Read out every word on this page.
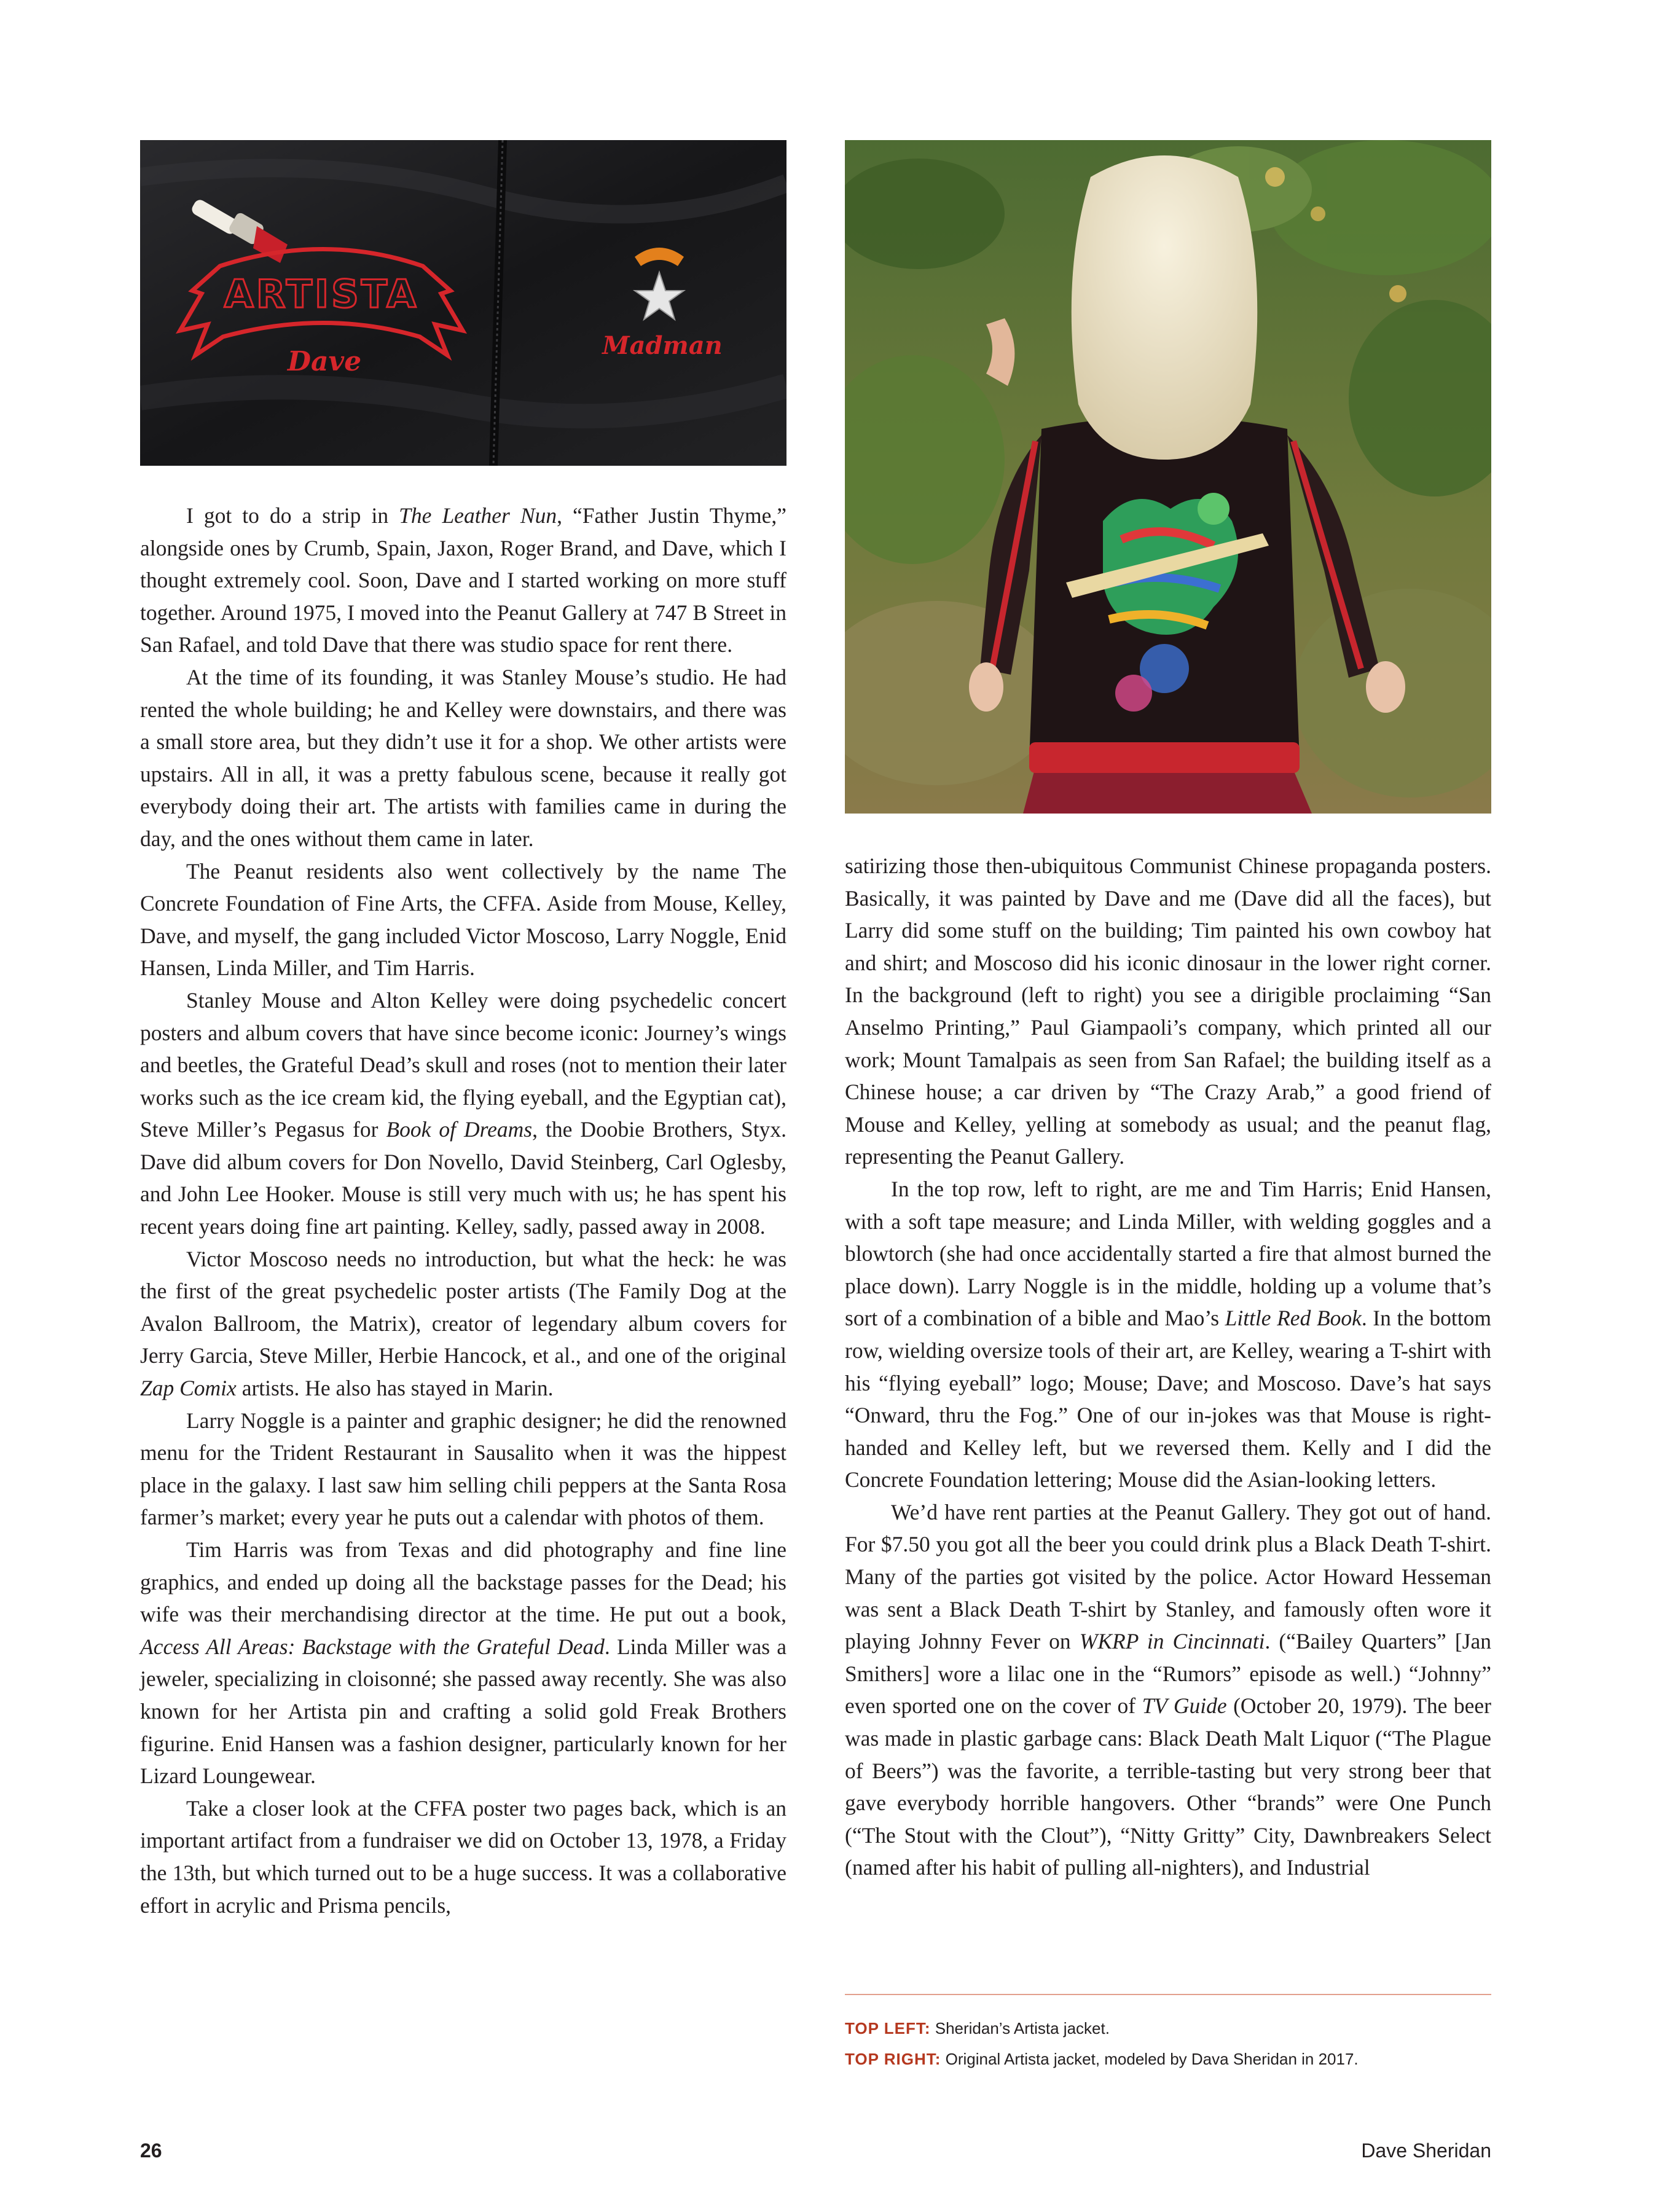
ARTISTA
Dave
Madman

I got to do a strip in The Leather Nun, “Father Justin Thyme,” alongside ones by Crumb, Spain, Jaxon, Roger Brand, and Dave, which I thought extremely cool. Soon, Dave and I started working on more stuff together. Around 1975, I moved into the Peanut Gallery at 747 B Street in San Rafael, and told Dave that there was studio space for rent there.

At the time of its founding, it was Stanley Mouse’s studio. He had rented the whole building; he and Kelley were downstairs, and there was a small store area, but they didn’t use it for a shop. We other artists were upstairs. All in all, it was a pretty fabulous scene, because it really got everybody doing their art. The artists with families came in during the day, and the ones without them came in later.

The Peanut residents also went collectively by the name The Concrete Foundation of Fine Arts, the CFFA. Aside from Mouse, Kelley, Dave, and myself, the gang included Victor Moscoso, Larry Noggle, Enid Hansen, Linda Miller, and Tim Harris.

Stanley Mouse and Alton Kelley were doing psychedelic concert posters and album covers that have since become iconic: Journey’s wings and beetles, the Grateful Dead’s skull and roses (not to mention their later works such as the ice cream kid, the flying eyeball, and the Egyptian cat), Steve Miller’s Pegasus for Book of Dreams, the Doobie Brothers, Styx. Dave did album covers for Don Novello, David Steinberg, Carl Oglesby, and John Lee Hooker. Mouse is still very much with us; he has spent his recent years doing fine art painting. Kelley, sadly, passed away in 2008.

Victor Moscoso needs no introduction, but what the heck: he was the first of the great psychedelic poster artists (The Family Dog at the Avalon Ballroom, the Matrix), creator of legendary album covers for Jerry Garcia, Steve Miller, Herbie Hancock, et al., and one of the original Zap Comix artists. He also has stayed in Marin.

Larry Noggle is a painter and graphic designer; he did the renowned menu for the Trident Restaurant in Sausalito when it was the hippest place in the galaxy. I last saw him selling chili peppers at the Santa Rosa farmer’s market; every year he puts out a calendar with photos of them.

Tim Harris was from Texas and did photography and fine line graphics, and ended up doing all the backstage passes for the Dead; his wife was their merchandising director at the time. He put out a book, Access All Areas: Backstage with the Grateful Dead. Linda Miller was a jeweler, specializing in cloisonné; she passed away recently. She was also known for her Artista pin and crafting a solid gold Freak Brothers figurine. Enid Hansen was a fashion designer, particularly known for her Lizard Loungewear.

Take a closer look at the CFFA poster two pages back, which is an important artifact from a fundraiser we did on October 13, 1978, a Friday the 13th, but which turned out to be a huge success. It was a collaborative effort in acrylic and Prisma pencils,

satirizing those then-ubiquitous Communist Chinese propaganda posters. Basically, it was painted by Dave and me (Dave did all the faces), but Larry did some stuff on the building; Tim painted his own cowboy hat and shirt; and Moscoso did his iconic dinosaur in the lower right corner. In the background (left to right) you see a dirigible proclaiming “San Anselmo Printing,” Paul Giampaoli’s company, which printed all our work; Mount Tamalpais as seen from San Rafael; the building itself as a Chinese house; a car driven by “The Crazy Arab,” a good friend of Mouse and Kelley, yelling at somebody as usual; and the peanut flag, representing the Peanut Gallery.

In the top row, left to right, are me and Tim Harris; Enid Hansen, with a soft tape measure; and Linda Miller, with welding goggles and a blowtorch (she had once accidentally started a fire that almost burned the place down). Larry Noggle is in the middle, holding up a volume that’s sort of a combination of a bible and Mao’s Little Red Book. In the bottom row, wielding oversize tools of their art, are Kelley, wearing a T-shirt with his “flying eyeball” logo; Mouse; Dave; and Moscoso. Dave’s hat says “Onward, thru the Fog.” One of our in-jokes was that Mouse is right-handed and Kelley left, but we reversed them. Kelly and I did the Concrete Foundation lettering; Mouse did the Asian-looking letters.

We’d have rent parties at the Peanut Gallery. They got out of hand. For $7.50 you got all the beer you could drink plus a Black Death T-shirt. Many of the parties got visited by the police. Actor Howard Hesseman was sent a Black Death T-shirt by Stanley, and famously often wore it playing Johnny Fever on WKRP in Cincinnati. (“Bailey Quarters” [Jan Smithers] wore a lilac one in the “Rumors” episode as well.) “Johnny” even sported one on the cover of TV Guide (October 20, 1979). The beer was made in plastic garbage cans: Black Death Malt Liquor (“The Plague of Beers”) was the favorite, a terrible-tasting but very strong beer that gave everybody horrible hangovers. Other “brands” were One Punch (“The Stout with the Clout”), “Nitty Gritty” City, Dawnbreakers Select (named after his habit of pulling all-nighters), and Industrial

TOP LEFT: Sheridan’s Artista jacket.
TOP RIGHT: Original Artista jacket, modeled by Dava Sheridan in 2017.
26	Dave Sheridan
